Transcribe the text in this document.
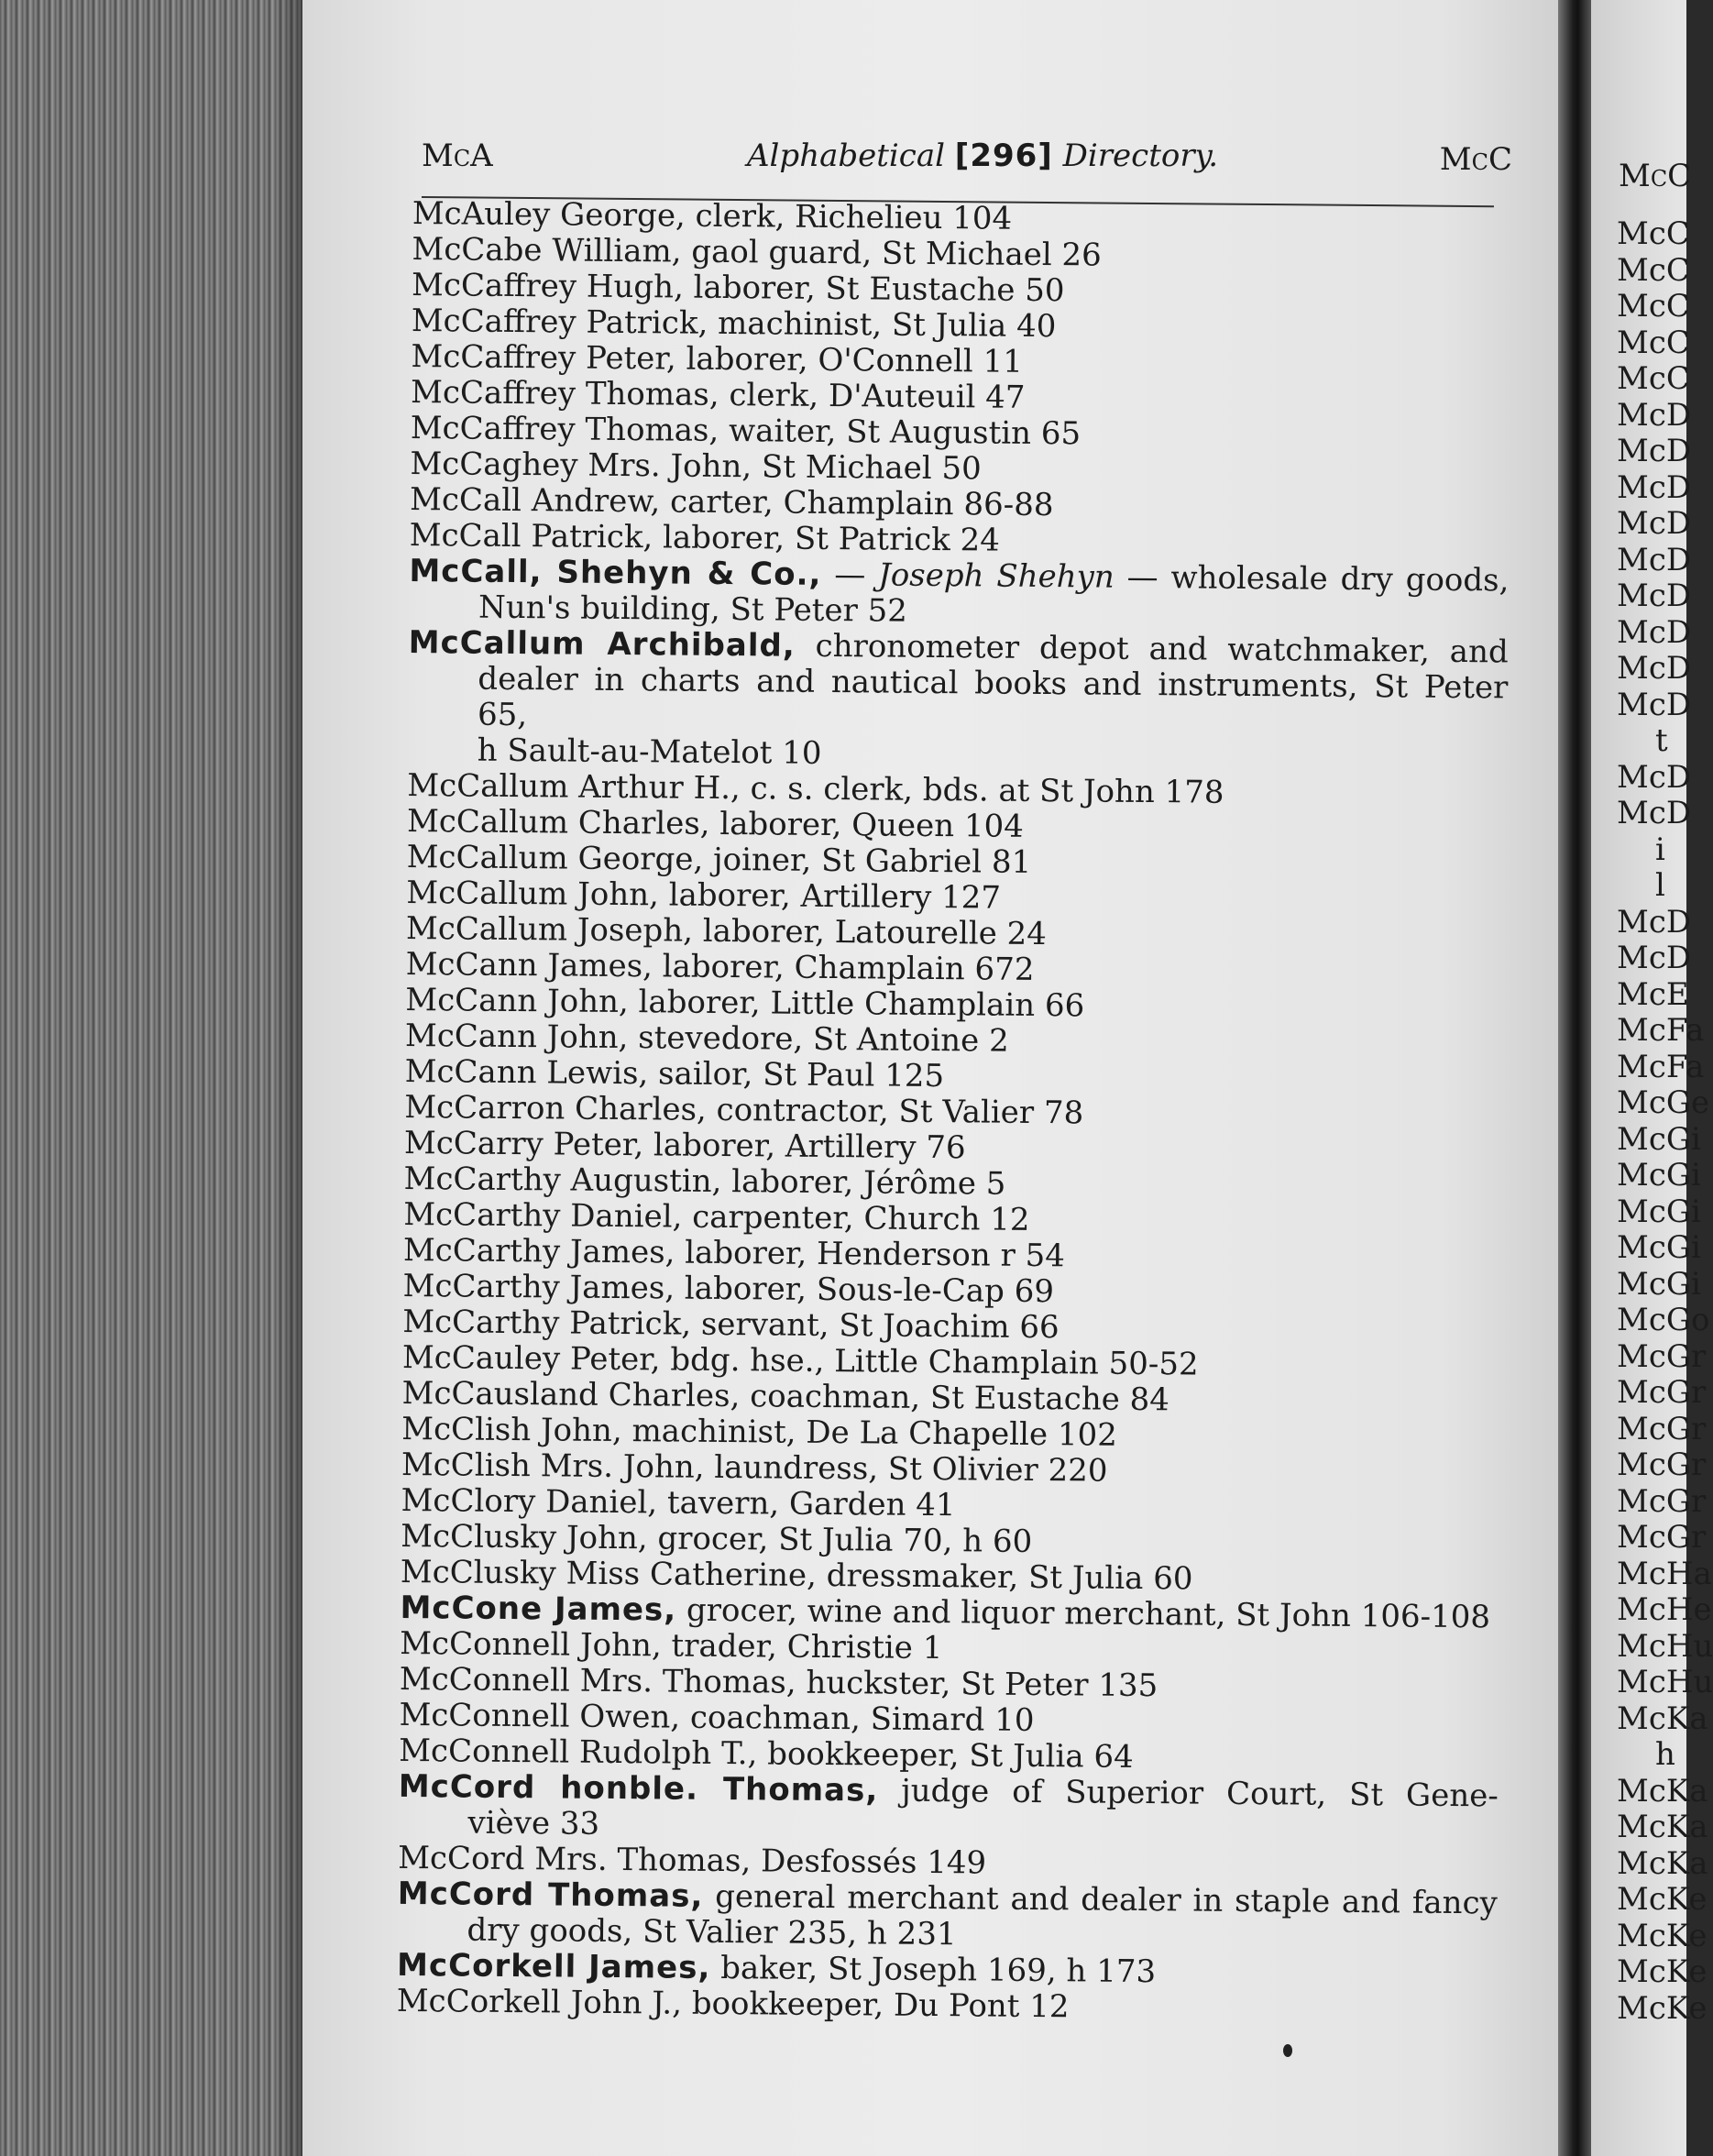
McC
McC
McC
McC
McC
McC
McD
McD
McD
McD
McD
McD
McD
McD
McD
t
McD
McD
i
l
McD
McD
McE
McFa
McFa
McGe
McGi
McGi
McGi
McGi
McGi
McGo
McGr
McGr
McGr
McGr
McGr
McGr
McHa
McHe
McHu
McHu
McKa
h
McKa
McKa
McKa
McKe
McKe
McKe
McKe
McA	Alphabetical [296] Directory.	McC
McAuley George, clerk, Richelieu 104
McCabe William, gaol guard, St Michael 26
McCaffrey Hugh, laborer, St Eustache 50
McCaffrey Patrick, machinist, St Julia 40
McCaffrey Peter, laborer, O'Connell 11
McCaffrey Thomas, clerk, D'Auteuil 47
McCaffrey Thomas, waiter, St Augustin 65
McCaghey Mrs. John, St Michael 50
McCall Andrew, carter, Champlain 86-88
McCall Patrick, laborer, St Patrick 24
McCall, Shehyn & Co., — Joseph Shehyn — wholesale dry goods,
Nun's building, St Peter 52
McCallum Archibald, chronometer depot and watchmaker, and
dealer in charts and nautical books and instruments, St Peter 65,
h Sault-au-Matelot 10
McCallum Arthur H., c. s. clerk, bds. at St John 178
McCallum Charles, laborer, Queen 104
McCallum George, joiner, St Gabriel 81
McCallum John, laborer, Artillery 127
McCallum Joseph, laborer, Latourelle 24
McCann James, laborer, Champlain 672
McCann John, laborer, Little Champlain 66
McCann John, stevedore, St Antoine 2
McCann Lewis, sailor, St Paul 125
McCarron Charles, contractor, St Valier 78
McCarry Peter, laborer, Artillery 76
McCarthy Augustin, laborer, Jérôme 5
McCarthy Daniel, carpenter, Church 12
McCarthy James, laborer, Henderson r 54
McCarthy James, laborer, Sous-le-Cap 69
McCarthy Patrick, servant, St Joachim 66
McCauley Peter, bdg. hse., Little Champlain 50-52
McCausland Charles, coachman, St Eustache 84
McClish John, machinist, De La Chapelle 102
McClish Mrs. John, laundress, St Olivier 220
McClory Daniel, tavern, Garden 41
McClusky John, grocer, St Julia 70, h 60
McClusky Miss Catherine, dressmaker, St Julia 60
McCone James, grocer, wine and liquor merchant, St John 106-108
McConnell John, trader, Christie 1
McConnell Mrs. Thomas, huckster, St Peter 135
McConnell Owen, coachman, Simard 10
McConnell Rudolph T., bookkeeper, St Julia 64
McCord honble. Thomas, judge of Superior Court, St Gene-
viève 33
McCord Mrs. Thomas, Desfossés 149
McCord Thomas, general merchant and dealer in staple and fancy
dry goods, St Valier 235, h 231
McCorkell James, baker, St Joseph 169, h 173
McCorkell John J., bookkeeper, Du Pont 12
